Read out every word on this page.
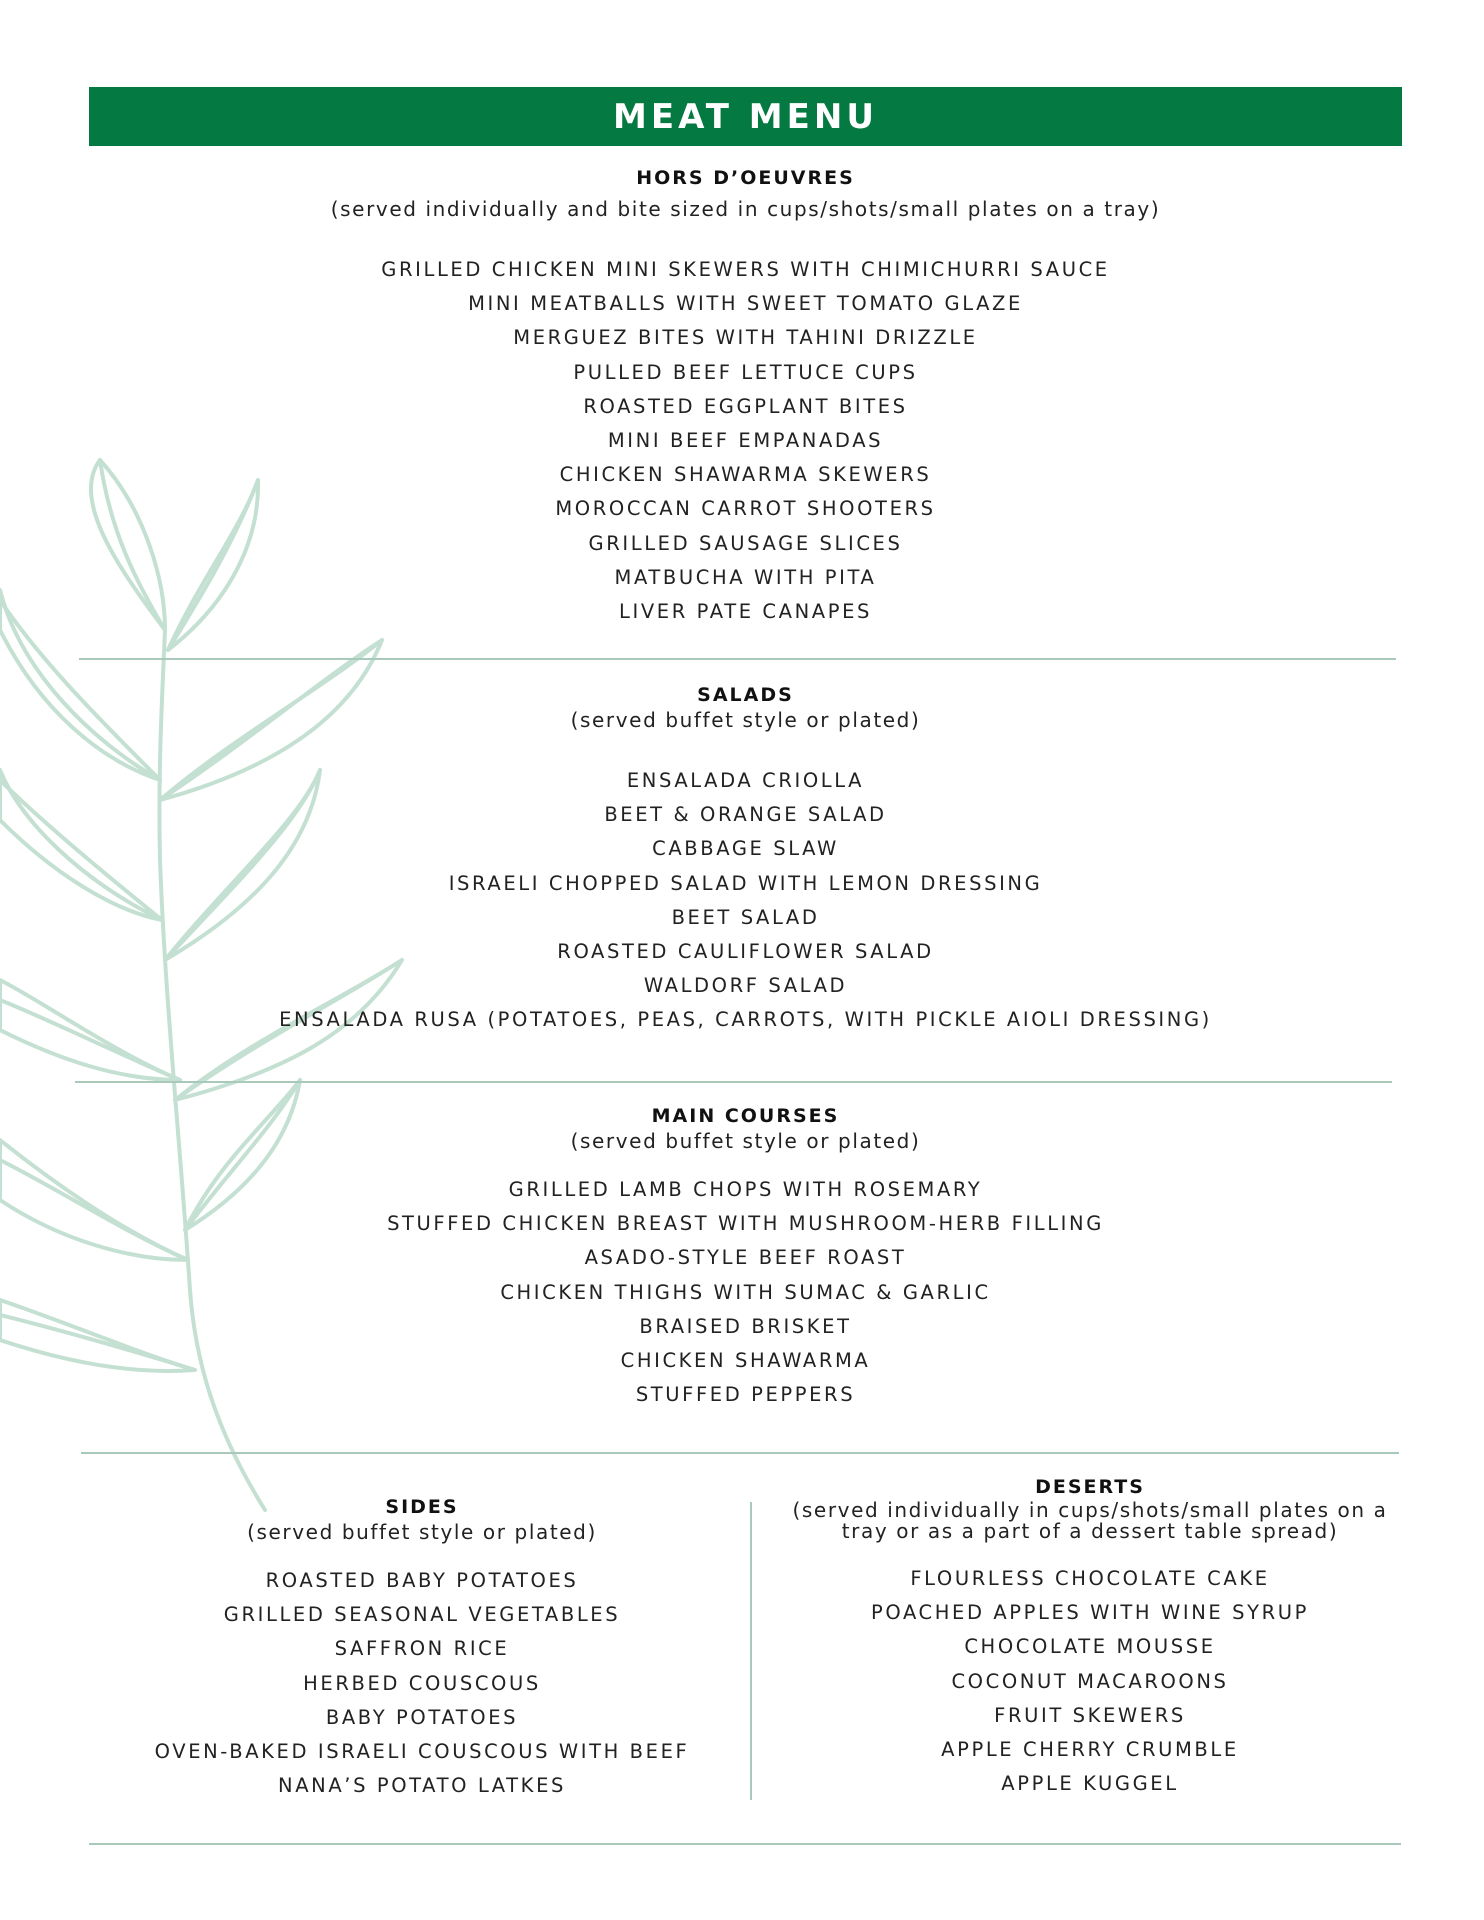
MEAT MENU
HORS D’OEUVRES
(served individually and bite sized in cups/shots/small plates on a tray)
GRILLED CHICKEN MINI SKEWERS WITH CHIMICHURRI SAUCE
MINI MEATBALLS WITH SWEET TOMATO GLAZE
MERGUEZ BITES WITH TAHINI DRIZZLE
PULLED BEEF LETTUCE CUPS
ROASTED EGGPLANT BITES
MINI BEEF EMPANADAS
CHICKEN SHAWARMA SKEWERS
MOROCCAN CARROT SHOOTERS
GRILLED SAUSAGE SLICES
MATBUCHA WITH PITA
LIVER PATE CANAPES
SALADS
(served buffet style or plated)
ENSALADA CRIOLLA
BEET & ORANGE SALAD
CABBAGE SLAW
ISRAELI CHOPPED SALAD WITH LEMON DRESSING
BEET SALAD
ROASTED CAULIFLOWER SALAD
WALDORF SALAD
ENSALADA RUSA (POTATOES, PEAS, CARROTS, WITH PICKLE AIOLI DRESSING)
MAIN COURSES
(served buffet style or plated)
GRILLED LAMB CHOPS WITH ROSEMARY
STUFFED CHICKEN BREAST WITH MUSHROOM-HERB FILLING
ASADO-STYLE BEEF ROAST
CHICKEN THIGHS WITH SUMAC & GARLIC
BRAISED BRISKET
CHICKEN SHAWARMA
STUFFED PEPPERS
SIDES
(served buffet style or plated)
ROASTED BABY POTATOES
GRILLED SEASONAL VEGETABLES
SAFFRON RICE
HERBED COUSCOUS
BABY POTATOES
OVEN-BAKED ISRAELI COUSCOUS WITH BEEF
NANA’S POTATO LATKES
DESERTS
(served individually in cups/shots/small plates on a
tray or as a part of a dessert table spread)
FLOURLESS CHOCOLATE CAKE
POACHED APPLES WITH WINE SYRUP
CHOCOLATE MOUSSE
COCONUT MACAROONS
FRUIT SKEWERS
APPLE CHERRY CRUMBLE
APPLE KUGGEL
